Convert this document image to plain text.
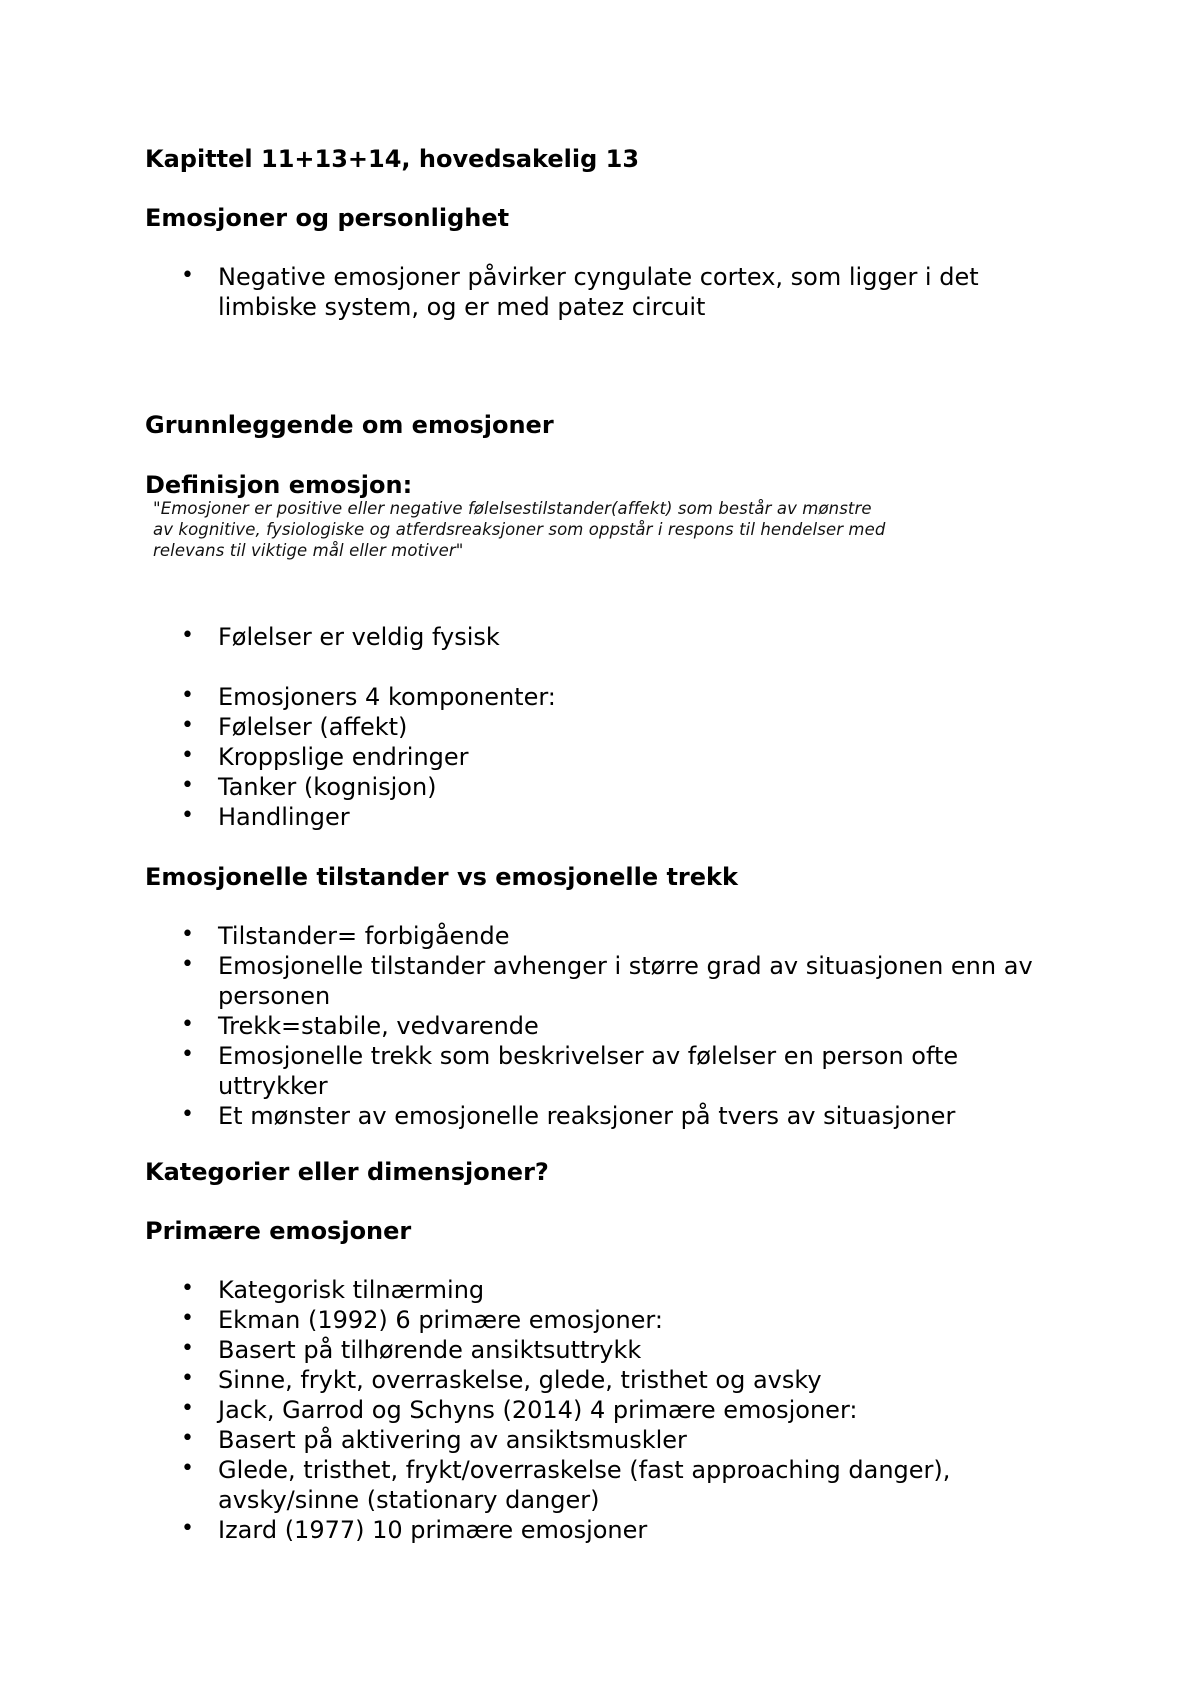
Kapittel 11+13+14, hovedsakelig 13
Emosjoner og personlighet
• Negative emosjoner påvirker cyngulate cortex, som ligger i det limbiske system, og er med patez circuit
Grunnleggende om emosjoner
Definisjon emosjon:

"Emosjoner er positive eller negative følelsestilstander(affekt) som består av mønstre av kognitive, fysiologiske og atferdsreaksjoner som oppstår i respons til hendelser med relevans til viktige mål eller motiver"

• Følelser er veldig fysisk
• Emosjoners 4 komponenter:
• Følelser (affekt)
• Kroppslige endringer
• Tanker (kognisjon)
• Handlinger
Emosjonelle tilstander vs emosjonelle trekk
• Tilstander= forbigående
• Emosjonelle tilstander avhenger i større grad av situasjonen enn av personen
• Trekk=stabile, vedvarende
• Emosjonelle trekk som beskrivelser av følelser en person ofte uttrykker
• Et mønster av emosjonelle reaksjoner på tvers av situasjoner
Kategorier eller dimensjoner?
Primære emosjoner
• Kategorisk tilnærming
• Ekman (1992) 6 primære emosjoner:
• Basert på tilhørende ansiktsuttrykk
• Sinne, frykt, overraskelse, glede, tristhet og avsky
• Jack, Garrod og Schyns (2014) 4 primære emosjoner:
• Basert på aktivering av ansiktsmuskler
• Glede, tristhet, frykt/overraskelse (fast approaching danger), avsky/sinne (stationary danger)
• Izard (1977) 10 primære emosjoner
